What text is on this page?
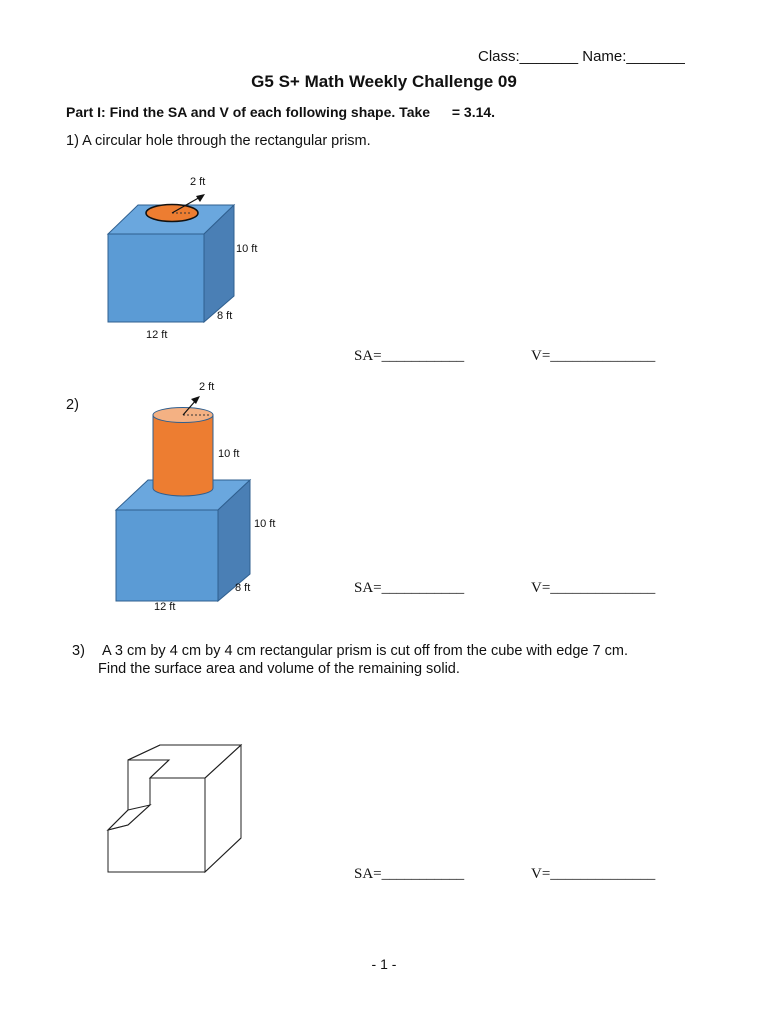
Class:_______ Name:_______
G5 S+ Math Weekly Challenge 09
Part I: Find the SA and V of each following shape. Take = 3.14.
1) A circular hole through the rectangular prism.
2 ft
10 ft
8 ft
12 ft
SA=___________	V=______________
2)
2 ft
10 ft
10 ft
8 ft
12 ft
SA=___________	V=______________
3) A 3 cm by 4 cm by 4 cm rectangular prism is cut off from the cube with edge 7 cm.
Find the surface area and volume of the remaining solid.
SA=___________	V=______________
- 1 -
